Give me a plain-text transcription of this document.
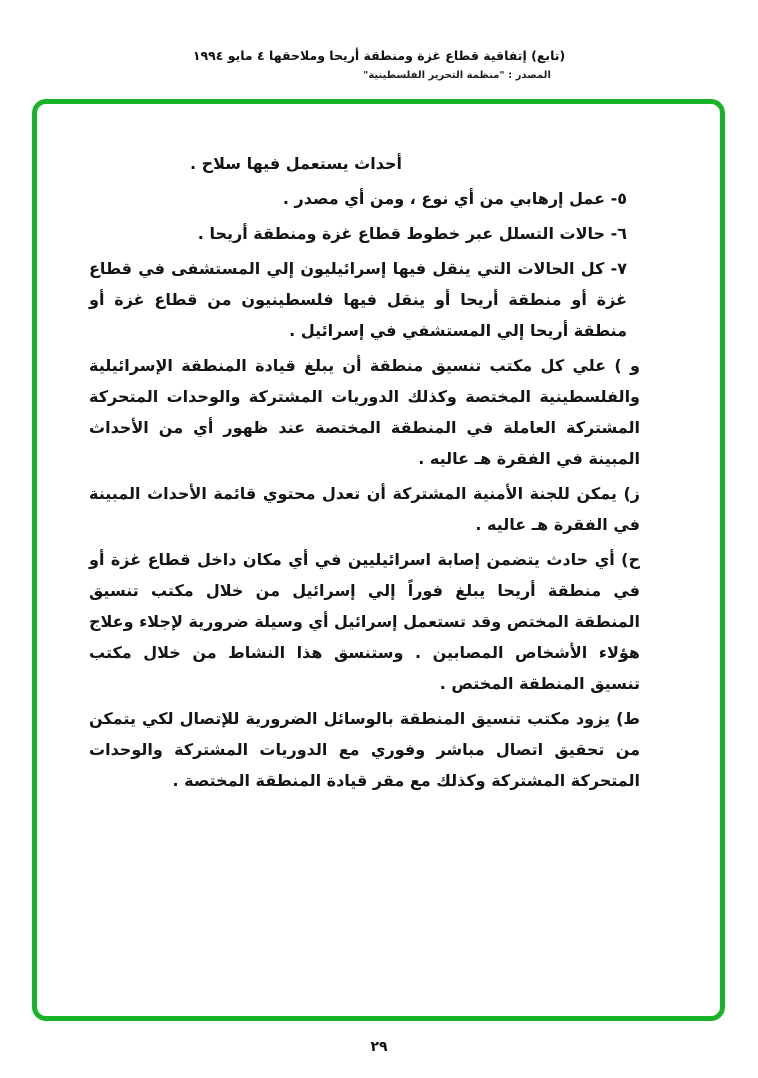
(تابع) إتفاقية قطاع غزة ومنطقة أريحا وملاحقها ٤ مايو ١٩٩٤
المصدر : "منظمة التحرير الفلسطينية"
أحداث يستعمل فيها سلاح .
٥- عمل إرهابي من أي نوع ، ومن أي مصدر .
٦- حالات التسلل عبر خطوط قطاع غزة ومنطقة أريحا .
٧- كل الحالات التي ينقل فيها إسرائيليون إلي المستشفى في قطاع غزة أو منطقة أريحا أو ينقل فيها فلسطينيون من قطاع غزة أو منطقة أريحا إلي المستشفي في إسرائيل .
و ) علي كل مكتب تنسيق منطقة أن يبلغ قيادة المنطقة الإسرائيلية والفلسطينية المختصة وكذلك الدوريات المشتركة والوحدات المتحركة المشتركة العاملة في المنطقة المختصة عند ظهور أي من الأحداث المبينة في الفقرة هـ عاليه .
ز) يمكن للجنة الأمنية المشتركة أن تعدل محتوي قائمة الأحداث المبينة في الفقرة هـ عاليه .
ح) أي حادث يتضمن إصابة اسرائيليين في أي مكان داخل قطاع غزة أو في منطقة أريحا يبلغ فوراً إلي إسرائيل من خلال مكتب تنسيق المنطقة المختص وقد تستعمل إسرائيل أي وسيلة ضرورية لإجلاء وعلاج هؤلاء الأشخاص المصابين . وستنسق هذا النشاط من خلال مكتب تنسيق المنطقة المختص .
ط) يزود مكتب تنسيق المنطقة بالوسائل الضرورية للإتصال لكي يتمكن من تحقيق اتصال مباشر وفوري مع الدوريات المشتركة والوحدات المتحركة المشتركة وكذلك مع مقر قيادة المنطقة المختصة .
٢٩
